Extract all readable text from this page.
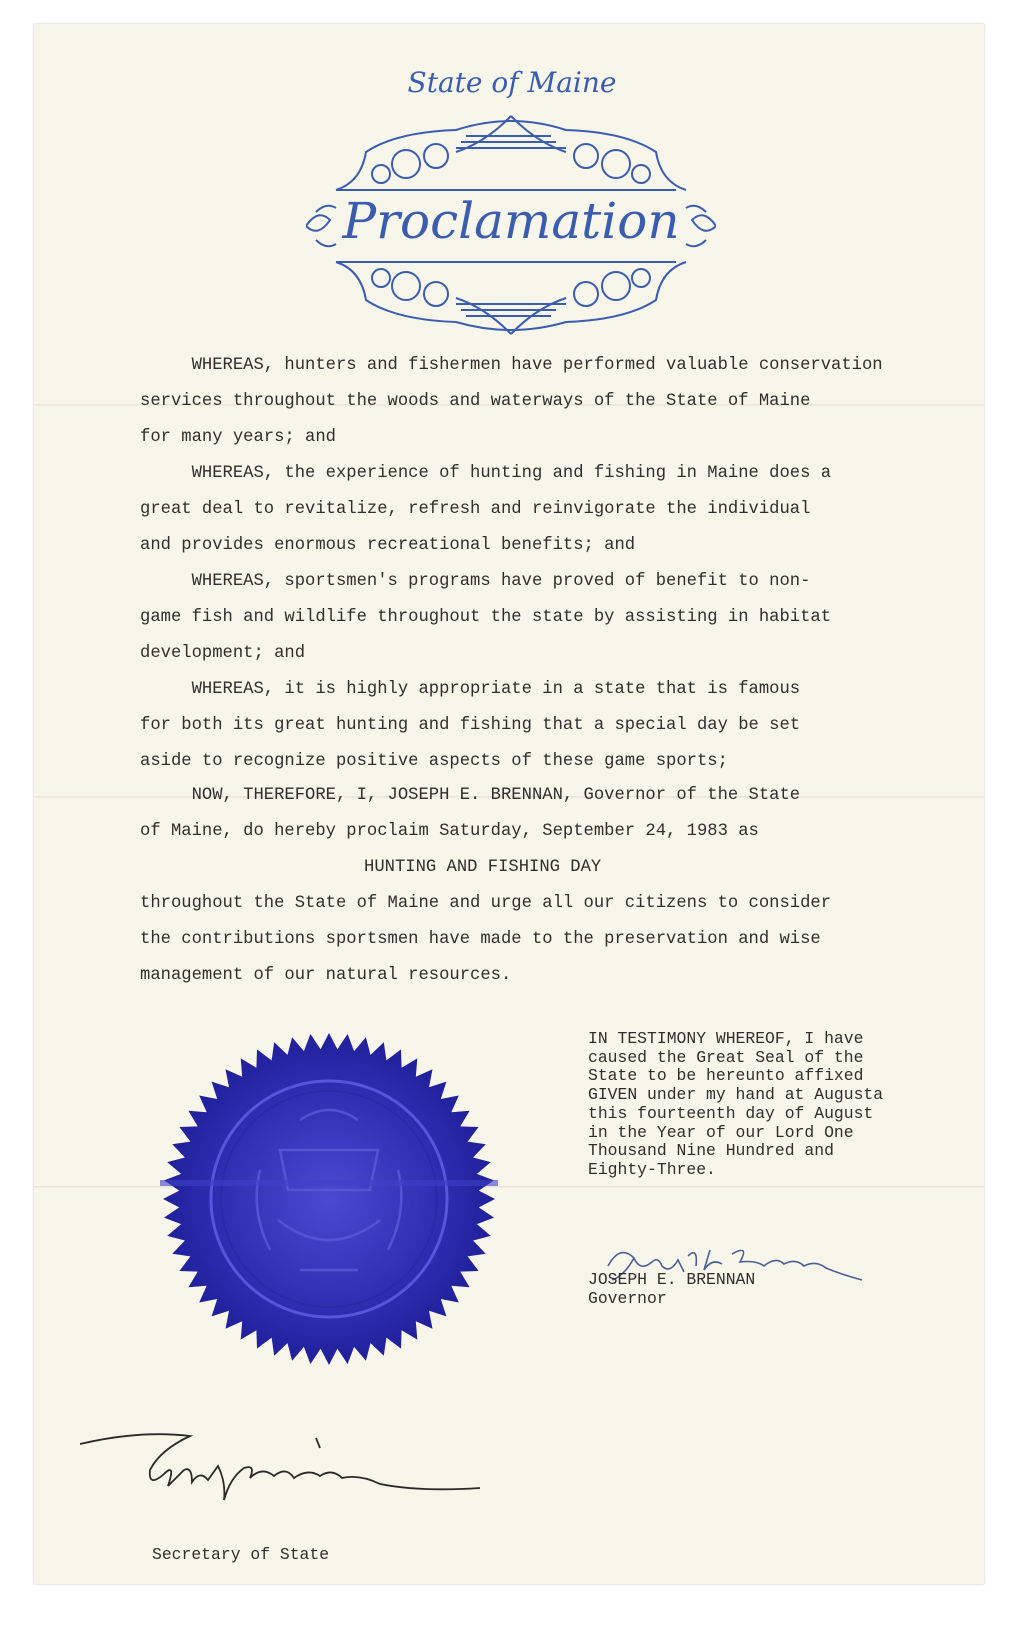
State of Maine
Proclamation
WHEREAS, hunters and fishermen have performed valuable conservation
services throughout the woods and waterways of the State of Maine
for many years; and
WHEREAS, the experience of hunting and fishing in Maine does a
great deal to revitalize, refresh and reinvigorate the individual
and provides enormous recreational benefits; and
WHEREAS, sportsmen's programs have proved of benefit to non-
game fish and wildlife throughout the state by assisting in habitat
development; and
WHEREAS, it is highly appropriate in a state that is famous
for both its great hunting and fishing that a special day be set
aside to recognize positive aspects of these game sports;
NOW, THEREFORE, I, JOSEPH E. BRENNAN, Governor of the State
of Maine, do hereby proclaim Saturday, September 24, 1983 as
HUNTING AND FISHING DAY
throughout the State of Maine and urge all our citizens to consider
the contributions sportsmen have made to the preservation and wise
management of our natural resources.
IN TESTIMONY WHEREOF, I have
caused the Great Seal of the
State to be hereunto affixed
GIVEN under my hand at Augusta
this fourteenth day of August
in the Year of our Lord One
Thousand Nine Hundred and
Eighty-Three.
JOSEPH E. BRENNAN
Governor
Secretary of State
